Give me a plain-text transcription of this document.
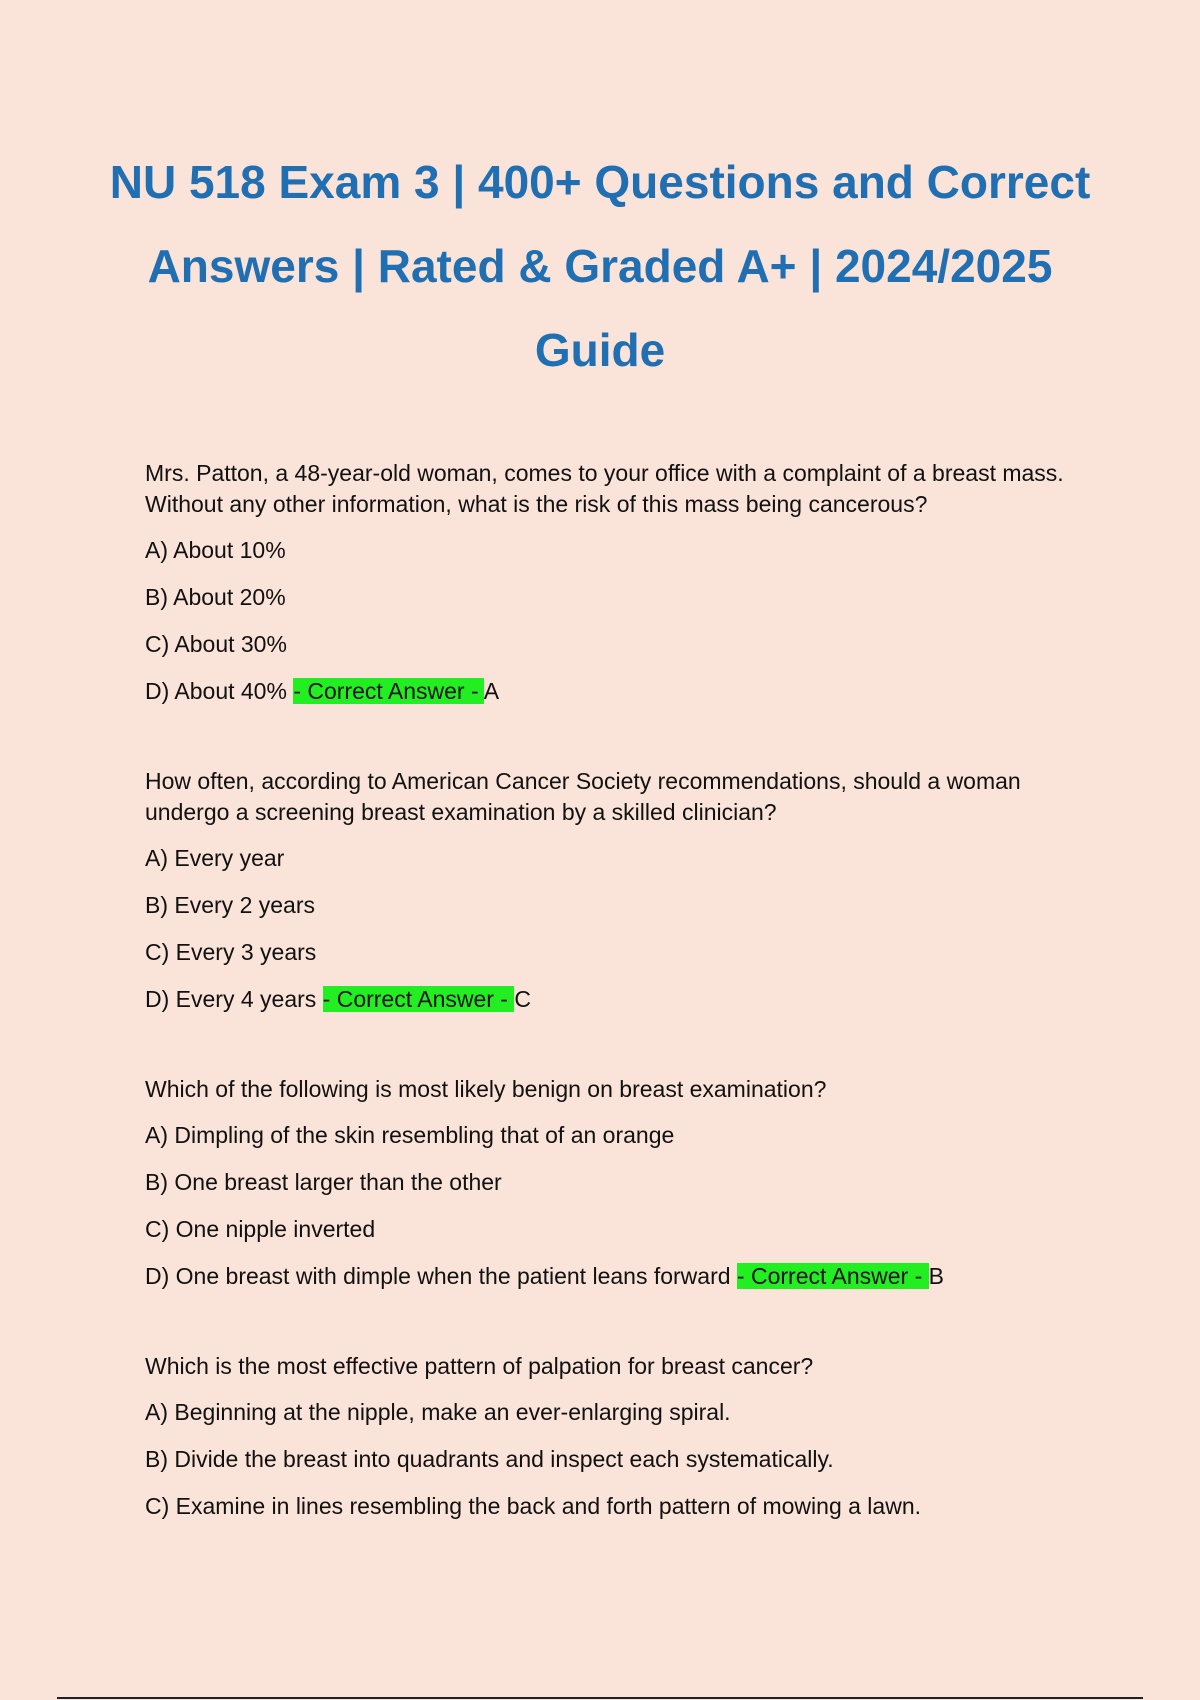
NU 518 Exam 3 | 400+ Questions and Correct Answers | Rated & Graded A+ | 2024/2025 Guide

Mrs. Patton, a 48-year-old woman, comes to your office with a complaint of a breast mass. Without any other information, what is the risk of this mass being cancerous?

A) About 10%

B) About 20%

C) About 30%

D) About 40% - Correct Answer - A

How often, according to American Cancer Society recommendations, should a woman undergo a screening breast examination by a skilled clinician?

A) Every year

B) Every 2 years

C) Every 3 years

D) Every 4 years - Correct Answer - C

Which of the following is most likely benign on breast examination?

A) Dimpling of the skin resembling that of an orange

B) One breast larger than the other

C) One nipple inverted

D) One breast with dimple when the patient leans forward - Correct Answer - B

Which is the most effective pattern of palpation for breast cancer?

A) Beginning at the nipple, make an ever-enlarging spiral.

B) Divide the breast into quadrants and inspect each systematically.

C) Examine in lines resembling the back and forth pattern of mowing a lawn.
